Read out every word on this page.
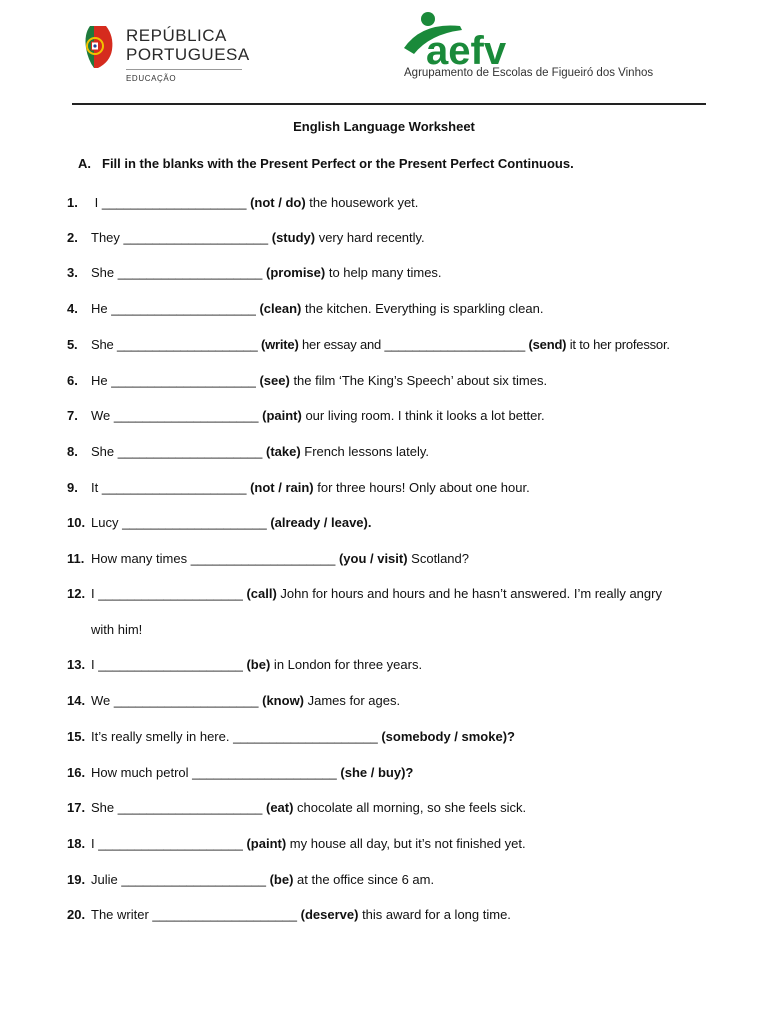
REPÚBLICA
PORTUGUESA
EDUCAÇÃO
aefv
Agrupamento de Escolas de Figueiró dos Vinhos
English Language Worksheet
A. Fill in the blanks with the Present Perfect or the Present Perfect Continuous.
1. I ____________________ (not / do) the housework yet.
2. They ____________________ (study) very hard recently.
3. She ____________________ (promise) to help many times.
4. He ____________________ (clean) the kitchen. Everything is sparkling clean.
5. She ____________________ (write) her essay and ____________________ (send) it to her professor.
6. He ____________________ (see) the film ‘The King’s Speech’ about six times.
7. We ____________________ (paint) our living room. I think it looks a lot better.
8. She ____________________ (take) French lessons lately.
9. It ____________________ (not / rain) for three hours! Only about one hour.
10. Lucy ____________________ (already / leave).
11. How many times ____________________ (you / visit) Scotland?
12. I ____________________ (call) John for hours and hours and he hasn’t answered. I’m really angry
with him!
13. I ____________________ (be) in London for three years.
14. We ____________________ (know) James for ages.
15. It’s really smelly in here. ____________________ (somebody / smoke)?
16. How much petrol ____________________ (she / buy)?
17. She ____________________ (eat) chocolate all morning, so she feels sick.
18. I ____________________ (paint) my house all day, but it’s not finished yet.
19. Julie ____________________ (be) at the office since 6 am.
20. The writer ____________________ (deserve) this award for a long time.
